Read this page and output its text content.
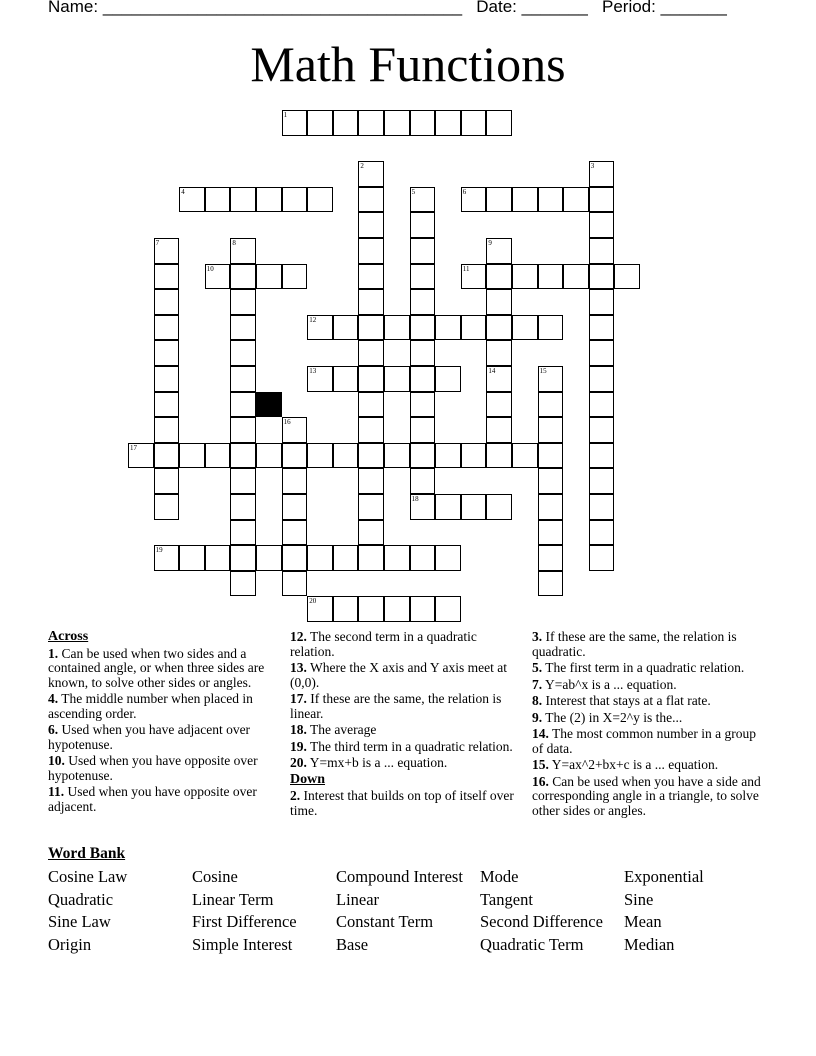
Name: ______________________________________ Date: _______ Period: _______
Math Functions
1
2	3
4	5	6
7	8	9
10	11
12
13	14	15
16
17
18
19
20
Across
1. Can be used when two sides and a contained angle, or when three sides are known, to solve other sides or angles.
4. The middle number when placed in ascending order.
6. Used when you have adjacent over hypotenuse.
10. Used when you have opposite over hypotenuse.
11. Used when you have opposite over adjacent.
12. The second term in a quadratic relation.
13. Where the X axis and Y axis meet at (0,0).
17. If these are the same, the relation is linear.
18. The average
19. The third term in a quadratic relation.
20. Y=mx+b is a ... equation.
Down
2. Interest that builds on top of itself over time.
3. If these are the same, the relation is quadratic.
5. The first term in a quadratic relation.
7. Y=ab^x is a ... equation.
8. Interest that stays at a flat rate.
9. The (2) in X=2^y is the...
14. The most common number in a group of data.
15. Y=ax^2+bx+c is a ... equation.
16. Can be used when you have a side and corresponding angle in a triangle, to solve other sides or angles.
Word Bank
Cosine Law	Cosine	Compound Interest	Mode	Exponential
Quadratic	Linear Term	Linear	Tangent	Sine
Sine Law	First Difference	Constant Term	Second Difference	Mean
Origin	Simple Interest	Base	Quadratic Term	Median
